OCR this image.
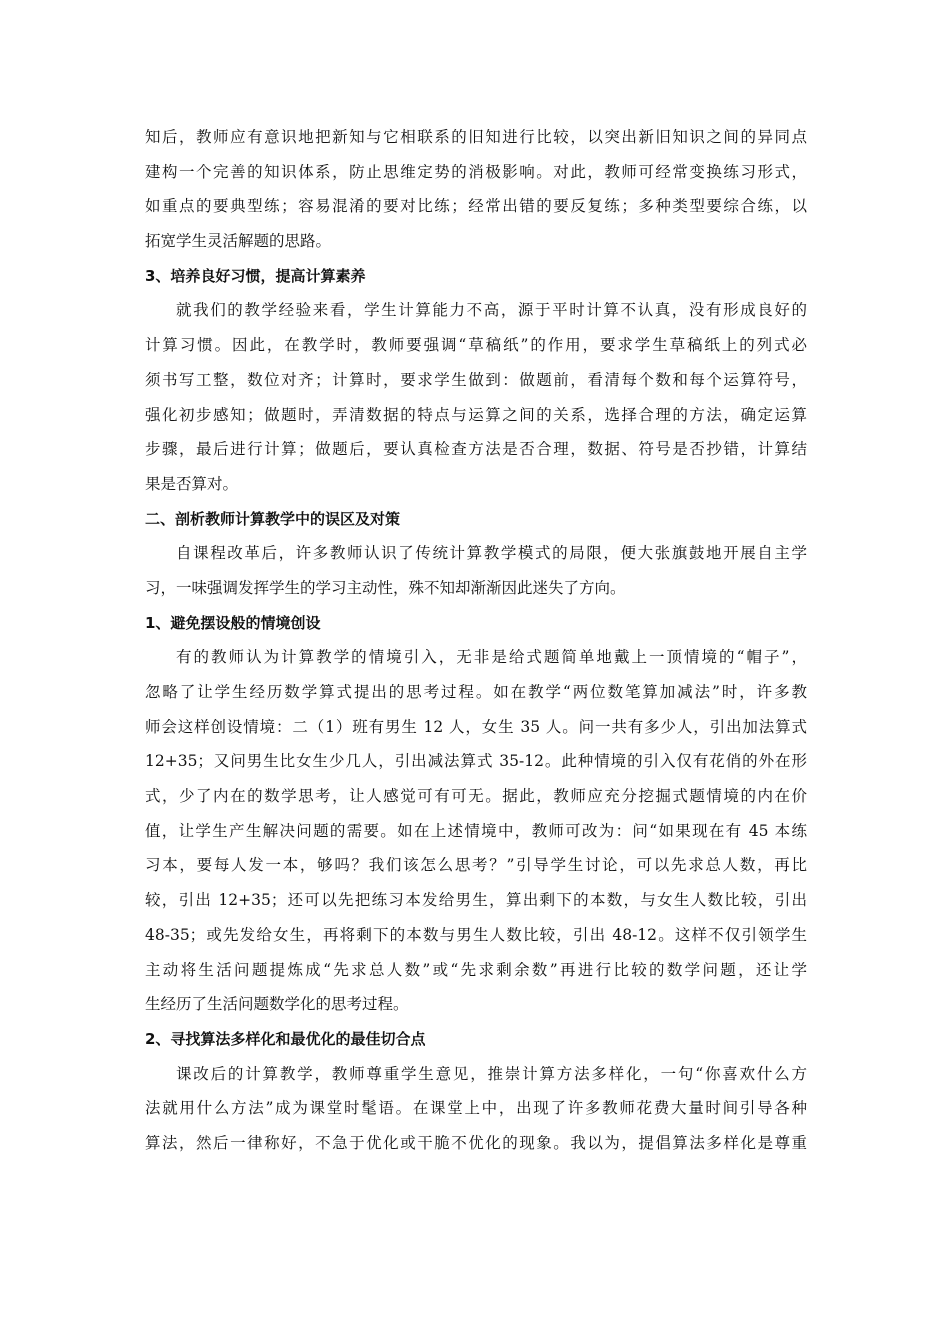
知后，教师应有意识地把新知与它相联系的旧知进行比较，以突出新旧知识之间的异同点
建构一个完善的知识体系，防止思维定势的消极影响。对此，教师可经常变换练习形式，
如重点的要典型练；容易混淆的要对比练；经常出错的要反复练；多种类型要综合练，以
拓宽学生灵活解题的思路。
3、培养良好习惯，提高计算素养
就我们的教学经验来看，学生计算能力不高，源于平时计算不认真，没有形成良好的
计算习惯。因此，在教学时，教师要强调“草稿纸”的作用，要求学生草稿纸上的列式必
须书写工整，数位对齐；计算时，要求学生做到：做题前，看清每个数和每个运算符号，
强化初步感知；做题时，弄清数据的特点与运算之间的关系，选择合理的方法，确定运算
步骤，最后进行计算；做题后，要认真检查方法是否合理，数据、符号是否抄错，计算结
果是否算对。
二、剖析教师计算教学中的误区及对策
自课程改革后，许多教师认识了传统计算教学模式的局限，便大张旗鼓地开展自主学
习，一味强调发挥学生的学习主动性，殊不知却渐渐因此迷失了方向。
1、避免摆设般的情境创设
有的教师认为计算教学的情境引入，无非是给式题简单地戴上一顶情境的“帽子”，
忽略了让学生经历数学算式提出的思考过程。如在教学“两位数笔算加减法”时，许多教
师会这样创设情境：二（1）班有男生 12 人，女生 35 人。问一共有多少人，引出加法算式
12+35；又问男生比女生少几人，引出减法算式 35-12。此种情境的引入仅有花俏的外在形
式，少了内在的数学思考，让人感觉可有可无。据此，教师应充分挖掘式题情境的内在价
值，让学生产生解决问题的需要。如在上述情境中，教师可改为：问“如果现在有 45 本练
习本，要每人发一本，够吗？我们该怎么思考？”引导学生讨论，可以先求总人数，再比
较，引出 12+35；还可以先把练习本发给男生，算出剩下的本数，与女生人数比较，引出
48-35；或先发给女生，再将剩下的本数与男生人数比较，引出 48-12。这样不仅引领学生
主动将生活问题提炼成“先求总人数”或“先求剩余数”再进行比较的数学问题，还让学
生经历了生活问题数学化的思考过程。
2、寻找算法多样化和最优化的最佳切合点
课改后的计算教学，教师尊重学生意见，推崇计算方法多样化，一句“你喜欢什么方
法就用什么方法”成为课堂时髦语。在课堂上中，出现了许多教师花费大量时间引导各种
算法，然后一律称好，不急于优化或干脆不优化的现象。我以为，提倡算法多样化是尊重
